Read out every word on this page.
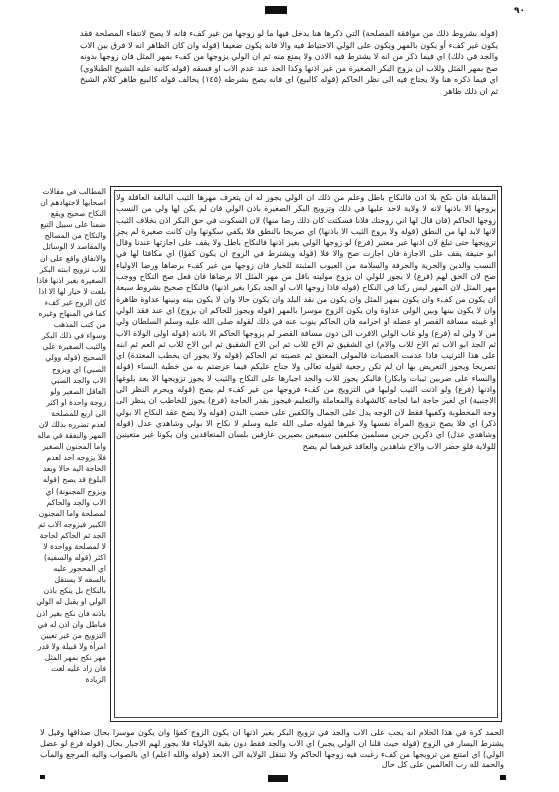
٩٠

(قوله بشروط ذلك من موافقة المصلحة) التي ذكرها هنا يدخل فيها ما لو زوجها من غير كفء فانه لا يصح لانتفاء المصلحة فقد يكون غير كفء أو يكون بالمهر ويكون على الولي الاحتياط فيه والا فانه يكون ضعيفا (قوله وان كان الظاهر انه لا فرق بين الاب والجد في ذلك) اي فيما ذكر من انه لا يشترط فيه الاذن ولا يمنع منه ثم ان الولي يزوجها من كفء بمهر المثل فان زوجها بدونه صح بمهر المثل وللاب ان يزوج البكر الصغيرة من غير اذنها وكذا الجد عند عدم الاب او فسقه (قوله كاتبه عليه الشيخ الطبلاوي) اي فيما ذكره هنا ولا يحتاج فيه الى نظر الحاكم (قوله كالبيع) اي فانه يصح بشرطه (١٤٥) يخالف قوله كالبيع ظاهر كلام الشيخ ثم ان ذلك ظاهر

المقابلة فان نكح بلا اذن فالنكاح باطل وعلم من ذلك ان الولي يجوز له ان يتعرف مهرها الثيب البالغة العاقلة ولا يزوجها الا باذنها لانه لا ولاية لاحد عليها في ذلك وتزويج البكر الصغيرة باذن الولي فان لم يكن لها ولي من النسب زوجها الحاكم (فان قال لها اني زوجتك فلانا فسكتت كان ذلك رضا منها) لان السكوت في حق البكر اذن بخلاف الثيب لانها لابد لها من النطق (قوله ولا يزوج الثيب الا باذنها) اي صريحا بالنطق فلا يكفي سكوتها وان كانت صغيرة لم يجز تزويجها حتى تبلغ لان اذنها غير معتبر (فرع) لو زوجها الولي بغير اذنها فالنكاح باطل ولا يقف على اجازتها عندنا وقال ابو حنيفة يقف على الاجازة فان اجازت صح والا فلا (قوله ويشترط في الزوج ان يكون كفؤا) اي مكافئا لها في النسب والدين والحرية والحرفة والسلامة من العيوب المثبتة للخيار فان زوجها من غير كفء برضاها ورضا الاولياء صح لان الحق لهم (فرع) لا يجوز للولي ان يزوج موليته باقل من مهر المثل الا برضاها فان فعل صح النكاح ووجب مهر المثل لان المهر ليس ركنا في النكاح (قوله فاذا زوجها الاب او الجد بكرا بغير اذنها) فالنكاح صحيح بشروط سبعة ان يكون من كفء وان يكون بمهر المثل وان يكون من نقد البلد وان يكون حالا وان لا يكون بينه وبينها عداوة ظاهرة وان لا يكون بينها وبين الولي عداوة وان يكون الزوج موسرا بالمهر (قوله ويجوز للحاكم ان يزوج) اي عند فقد الولي او غيبته مسافة القصر او عضله او احرامه فان الحاكم ينوب عنه في ذلك لقوله صلى الله عليه وسلم السلطان ولي من لا ولي له (فرع) ولو غاب الولي الاقرب الى دون مسافة القصر لم يزوجها الحاكم الا باذنه (قوله اولى الولاة الاب ثم الجد ابو الاب ثم الاخ للاب والام) اي الشقيق ثم الاخ للاب ثم ابن الاخ الشقيق ثم ابن الاخ للاب ثم العم ثم ابنه على هذا الترتيب فاذا عدمت العصبات فالمولى المعتق ثم عصبته ثم الحاكم (قوله ولا يجوز ان يخطب المعتدة) اي تصريحا ويجوز التعريض بها ان لم تكن رجعية لقوله تعالى ولا جناح عليكم فيما عرضتم به من خطبة النساء (قوله والنساء على ضربين ثيبات وابكار) فالبكر يجوز للاب والجد اجبارها على النكاح والثيب لا يجوز تزويجها الا بعد بلوغها واذنها (فرع) ولو اذنت الثيب لوليها في التزويج من كفء فزوجها من غير كفء لم يصح (قوله ويحرم النظر الى الاجنبية) اي لغير حاجة اما لحاجة كالشهادة والمعاملة والتعليم فيجوز بقدر الحاجة (فرع) يجوز للخاطب ان ينظر الى وجه المخطوبة وكفيها فقط لان الوجه يدل على الجمال والكفين على خصب البدن (قوله ولا يصح عقد النكاح الا بولي ذكر) اي فلا يصح تزويج المرأة نفسها ولا غيرها لقوله صلى الله عليه وسلم لا نكاح الا بولي وشاهدي عدل (قوله وشاهدي عدل) اي ذكرين حرين مسلمين مكلفين سميعين بصيرين عارفين بلسان المتعاقدين وان يكونا غير متعينين للولاية فلو حضر الاب والاخ شاهدين والعاقد غيرهما لم يصح

المطالب في مقالات اصحابها لاجتهادهم ان النكاح صحيح ويقع ضمنا على سبيل التبع والنكاح من المصالح والمقاصد لا الوسائل والاتفاق واقع على ان للاب تزويج ابنته البكر الصغيرة بغير اذنها فاذا بلغت لا خيار لها الا اذا كان الزوج غير كفء كما في المنهاج وغيره من كتب المذهب وسواء في ذلك البكر والثيب الصغيرة على الصحيح (قوله وولي الصبي) اي ويزوج الاب والجد الصبي العاقل الصغير ولو زوجة واحدة او اكثر الى اربع للمصلحة لعدم تضرره بذلك لان المهر والنفقة في ماله واما المجنون الصغير فلا يزوجه احد لعدم الحاجة اليه حالا وبعد البلوغ قد يصح (قوله ويزوج المجنونة) اي الاب والجد والحاكم لمصلحة واما المجنون الكبير فيزوجه الاب ثم الجد ثم الحاكم لحاجة لا لمصلحة وواحدة لا اكثر (قوله والسفيه) اي المحجور عليه بالسفه لا يستقل بالنكاح بل ينكح باذن الولي او يقبل له الولي باذنه فان نكح بغير اذن فباطل وان اذن له في التزويج من غير تعيين امرأة ولا قبيلة ولا قدر مهر نكح بمهر المثل فان زاد عليه لغت الزيادة

الحمد كرة في هذا الحلام انه يجب على الاب والجد في تزويج البكر بغير اذنها ان يكون الزوج كفؤا وان يكون موسرا بحال صداقها وقيل لا يشترط اليسار في الزوج (قوله حيث قلنا ان الولي يجبر) اي الاب والجد فقط دون بقية الاولياء فلا يجوز لهم الاجبار بحال (قوله فرع لو عضل الولي) اي امتنع من تزويجها من كفء رغبت فيه زوجها الحاكم ولا تنتقل الولاية الى الابعد (قوله والله اعلم) اي بالصواب واليه المرجع والمآب والحمد لله رب العالمين على كل حال
